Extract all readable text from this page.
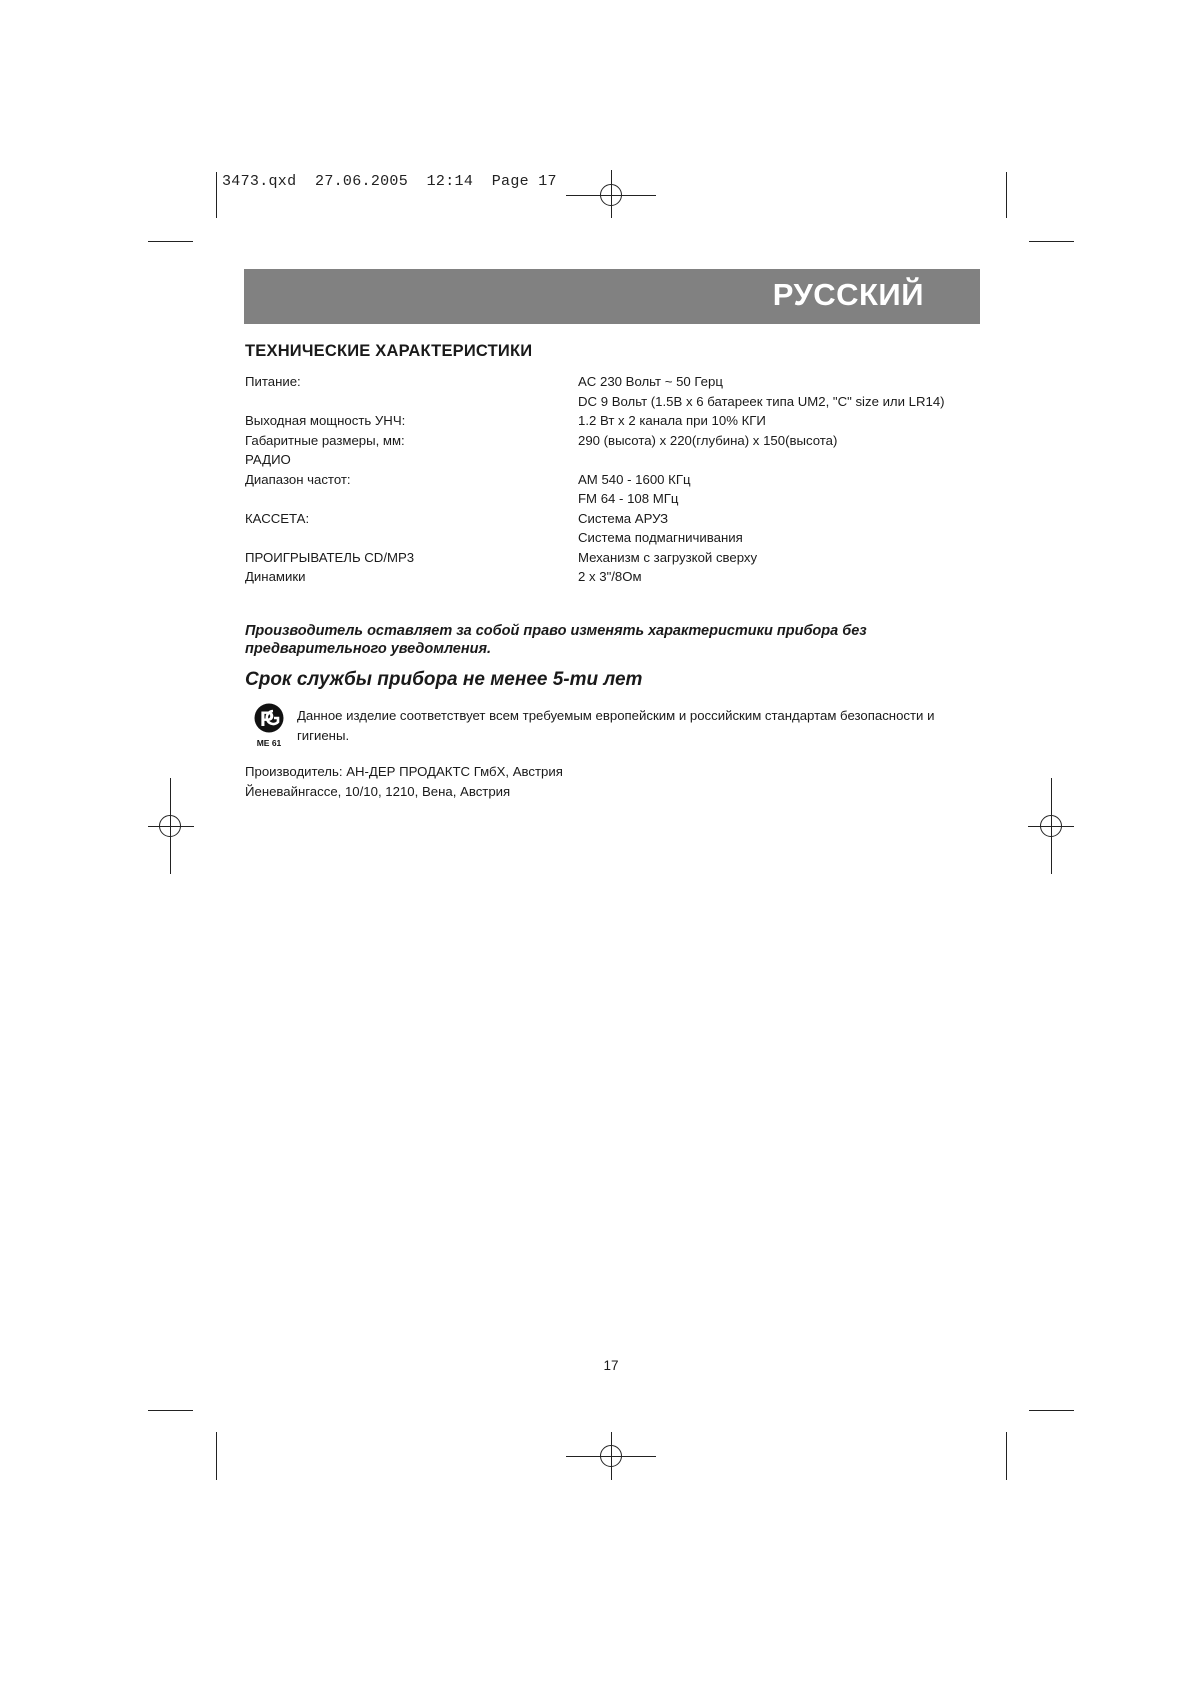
3473.qxd  27.06.2005  12:14  Page 17
РУССКИЙ
ТЕХНИЧЕСКИЕ ХАРАКТЕРИСТИКИ
Питание:	AC 230 Вольт ~ 50 Герц

DC 9 Вольт (1.5В x 6 батареек типа UM2, "C" size или LR14)
Выходная мощность УНЧ:	1.2 Вт x 2 канала при 10% КГИ
Габаритные размеры, мм:	290 (высота) x 220(глубина) x 150(высота)
РАДИО

Диапазон частот:	AM 540 - 1600 КГц

FM 64 - 108 МГц
КАССЕТА:	Система АРУЗ

Система подмагничивания
ПРОИГРЫВАТЕЛЬ CD/MP3	Механизм с загрузкой сверху
Динамики	2 x 3"/8Ом
Производитель оставляет за собой право изменять характеристики прибора без предварительного уведомления.
Срок службы прибора не менее 5-ти лет
P
ME 61
Данное изделие соответствует всем требуемым европейским и российским стандартам безопасности и гигиены.
Производитель: АН-ДЕР ПРОДАКТС ГмбХ, Австрия
Йеневайнгассе, 10/10, 1210, Вена, Австрия
17
